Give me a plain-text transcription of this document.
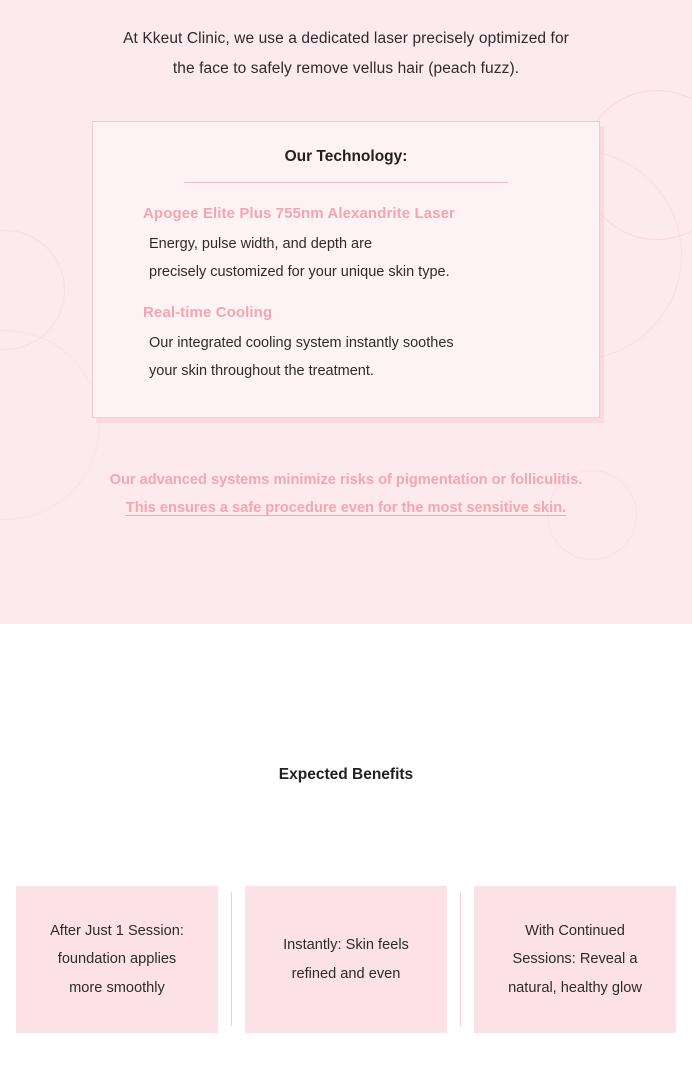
At Kkeut Clinic, we use a dedicated laser precisely optimized for
the face to safely remove vellus hair (peach fuzz).
Our Technology:
Apogee Elite Plus 755nm Alexandrite Laser
Energy, pulse width, and depth are
precisely customized for your unique skin type.
Real-time Cooling
Our integrated cooling system instantly soothes
your skin throughout the treatment.
Our advanced systems minimize risks of pigmentation or folliculitis.
This ensures a safe procedure even for the most sensitive skin.
Expected Benefits
After Just 1 Session:
foundation applies
more smoothly
Instantly: Skin feels
refined and even
With Continued
Sessions: Reveal a
natural, healthy glow
